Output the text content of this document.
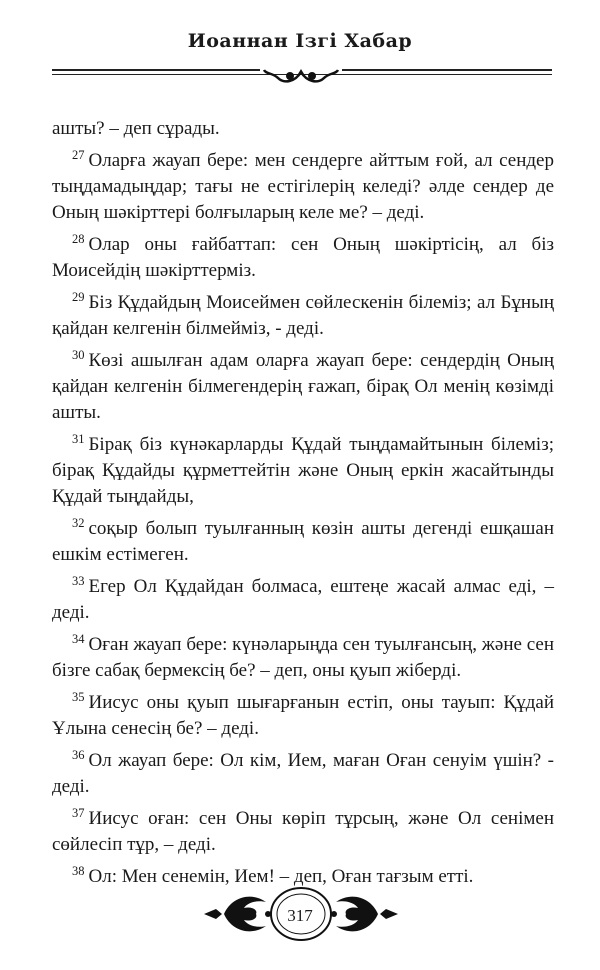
Иоаннан Ізгі Хабар

ашты? – деп сұрады.

$^{27}$ Оларға жауап бере: мен сендерге айттым ғой, ал сендер тыңдамадыңдар; тағы не естігілерің келеді? әлде сендер де Оның шәкірттері болғыларың келе ме? – деді.

$^{28}$ Олар оны ғайбаттап: сен Оның шәкіртісің, ал біз Моисейдің шәкірттерміз.

$^{29}$ Біз Құдайдың Моисеймен сөйлескенін білеміз; ал Бұның қайдан келгенін білмейміз, - деді.

$^{30}$ Көзі ашылған адам оларға жауап бере: сендердің Оның қайдан келгенін білмегендерің ғажап, бірақ Ол менің көзімді ашты.

$^{31}$ Бірақ біз күнәкарларды Құдай тыңдамайтынын білеміз; бірақ Құдайды құрметтейтін және Оның еркін жасайтынды Құдай тыңдайды,

$^{32}$ соқыр болып туылғанның көзін ашты дегенді ешқашан ешкім естімеген.

$^{33}$ Егер Ол Құдайдан болмаса, ештеңе жасай алмас еді, – деді.

$^{34}$ Оған жауап бере: күнәларыңда сен туылғансың, және сен бізге сабақ бермексің бе? – деп, оны қуып жіберді.

$^{35}$ Иисус оны қуып шығарғанын естіп, оны тауып: Құдай Ұлына сенесің бе? – деді.

$^{36}$ Ол жауап бере: Ол кім, Ием, маған Оған сенуім үшін? - деді.

$^{37}$ Иисус оған: сен Оны көріп тұрсың, және Ол сенімен сөйлесіп тұр, – деді.

$^{38}$ Ол: Мен сенемін, Ием! – деп, Оған тағзым етті.

317
